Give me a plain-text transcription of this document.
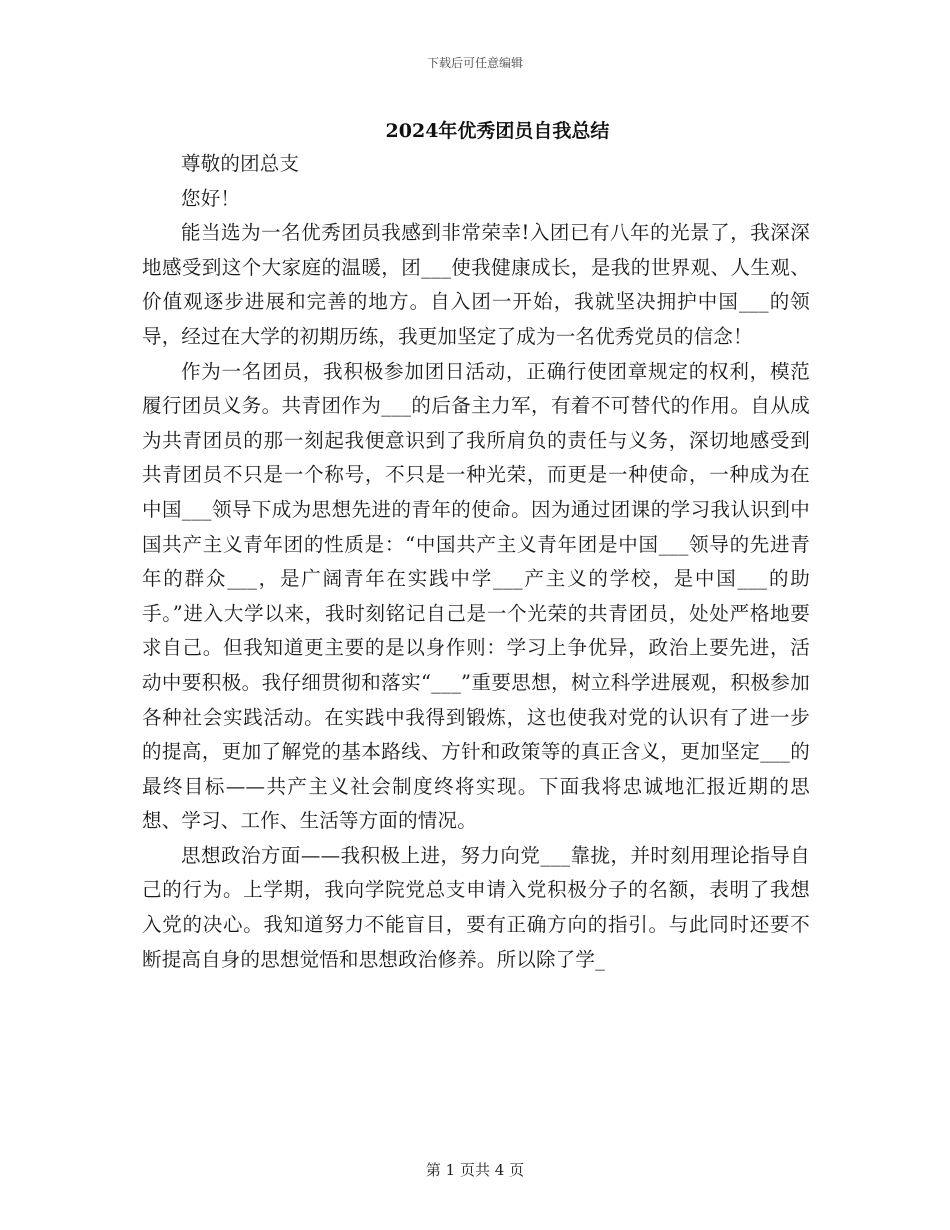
下载后可任意编辑
2024年优秀团员自我总结

尊敬的团总支

您好！

能当选为一名优秀团员我感到非常荣幸!入团已有八年的光景了，我深深地感受到这个大家庭的温暖，团___使我健康成长，是我的世界观、人生观、价值观逐步进展和完善的地方。自入团一开始，我就坚决拥护中国___的领导，经过在大学的初期历练，我更加坚定了成为一名优秀党员的信念！

作为一名团员，我积极参加团日活动，正确行使团章规定的权利，模范履行团员义务。共青团作为___的后备主力军，有着不可替代的作用。自从成为共青团员的那一刻起我便意识到了我所肩负的责任与义务，深切地感受到共青团员不只是一个称号，不只是一种光荣，而更是一种使命，一种成为在中国___领导下成为思想先进的青年的使命。因为通过团课的学习我认识到中国共产主义青年团的性质是：“中国共产主义青年团是中国___领导的先进青年的群众___，是广阔青年在实践中学___产主义的学校，是中国___的助手。”进入大学以来，我时刻铭记自己是一个光荣的共青团员，处处严格地要求自己。但我知道更主要的是以身作则：学习上争优异，政治上要先进，活动中要积极。我仔细贯彻和落实“___”重要思想，树立科学进展观，积极参加各种社会实践活动。在实践中我得到锻炼，这也使我对党的认识有了进一步的提高，更加了解党的基本路线、方针和政策等的真正含义，更加坚定___的最终目标——共产主义社会制度终将实现。下面我将忠诚地汇报近期的思想、学习、工作、生活等方面的情况。

思想政治方面——我积极上进，努力向党___靠拢，并时刻用理论指导自己的行为。上学期，我向学院党总支申请入党积极分子的名额，表明了我想入党的决心。我知道努力不能盲目，要有正确方向的指引。与此同时还要不断提高自身的思想觉悟和思想政治修养。所以除了学_

第 1 页共 4 页
